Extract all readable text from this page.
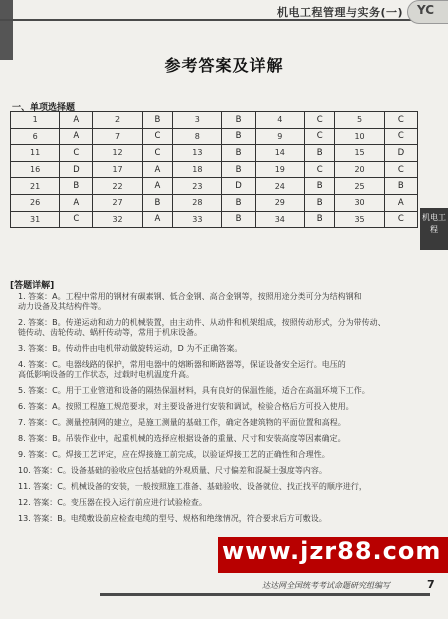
机电工程管理与实务(一) YC
机电工程
参考答案及详解
一、单项选择题
1	A	2	B	3	B	4	C	5	C
6	A	7	C	8	B	9	C	10	C
11	C	12	C	13	B	14	B	15	D
16	D	17	A	18	B	19	C	20	C
21	B	22	A	23	D	24	B	25	B
26	A	27	B	28	B	29	B	30	A
31	C	32	A	33	B	34	B	35	C
[答题详解]
1. 答案：A。工程中常用的钢材有碳素钢、低合金钢、高合金钢等，按照用途分类可分为结构钢和
动力设备及其结构件等。
2. 答案：B。传递运动和动力的机械装置，由主动件、从动件和机架组成，按照传动形式，分为带传动、
链传动、齿轮传动、蜗杆传动等，常用于机床设备。
3. 答案：B。传动件由电机带动做旋转运动，D 为不正确答案。
4. 答案：C。电器线路的保护，常用电器中的熔断器和断路器等，保证设备安全运行。电压的
高低影响设备的工作状态，过载时电机温度升高。
5. 答案：C。用于工业管道和设备的隔热保温材料，具有良好的保温性能，适合在高温环境下工作。
6. 答案：A。按照工程施工规范要求，对主要设备进行安装和调试，检验合格后方可投入使用。
7. 答案：C。测量控制网的建立，是施工测量的基础工作，确定各建筑物的平面位置和高程。
8. 答案：B。吊装作业中，起重机械的选择应根据设备的重量、尺寸和安装高度等因素确定。
9. 答案：C。焊接工艺评定，应在焊接施工前完成，以验证焊接工艺的正确性和合理性。
10. 答案：C。设备基础的验收应包括基础的外观质量、尺寸偏差和混凝土强度等内容。
11. 答案：C。机械设备的安装，一般按照施工准备、基础验收、设备就位、找正找平的顺序进行，
12. 答案：C。变压器在投入运行前应进行试验检查。
13. 答案：B。电缆敷设前应检查电缆的型号、规格和绝缘情况，符合要求后方可敷设。
www.jzr88.com
达达网全国统考考试命题研究组编写	7
